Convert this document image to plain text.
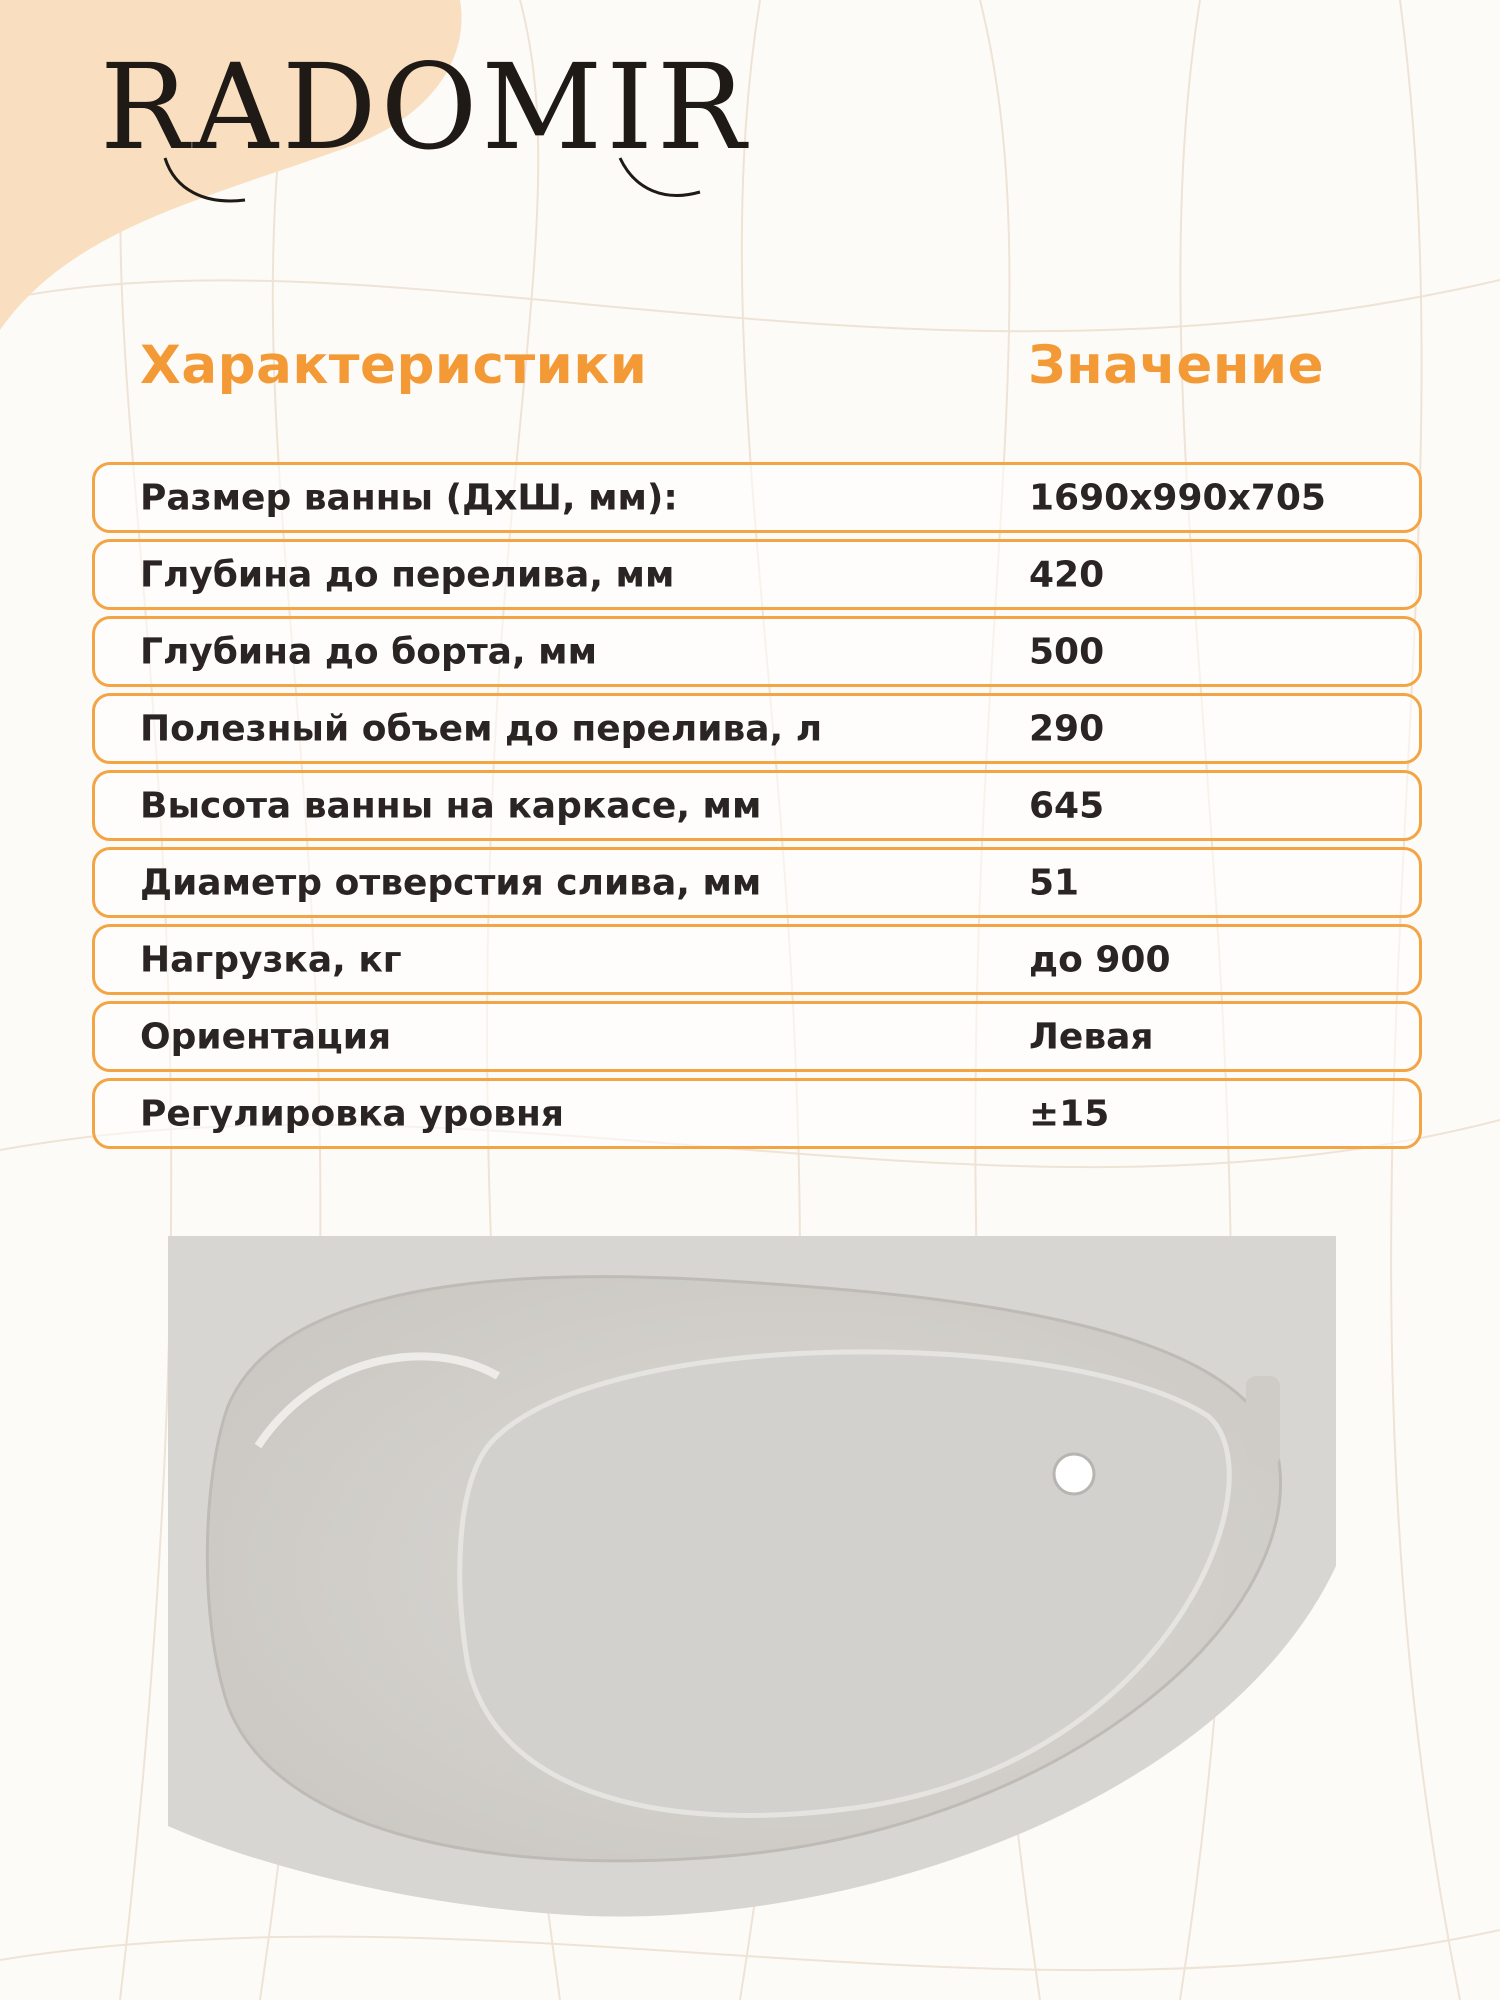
RADOMIR
Характеристики	Значение
Размер ванны (ДхШ, мм):	1690x990x705
Глубина до перелива, мм	420
Глубина до борта, мм	500
Полезный объем до перелива, л	290
Высота ванны на каркасе, мм	645
Диаметр отверстия слива, мм	51
Нагрузка, кг	до 900
Ориентация	Левая
Регулировка уровня	±15
